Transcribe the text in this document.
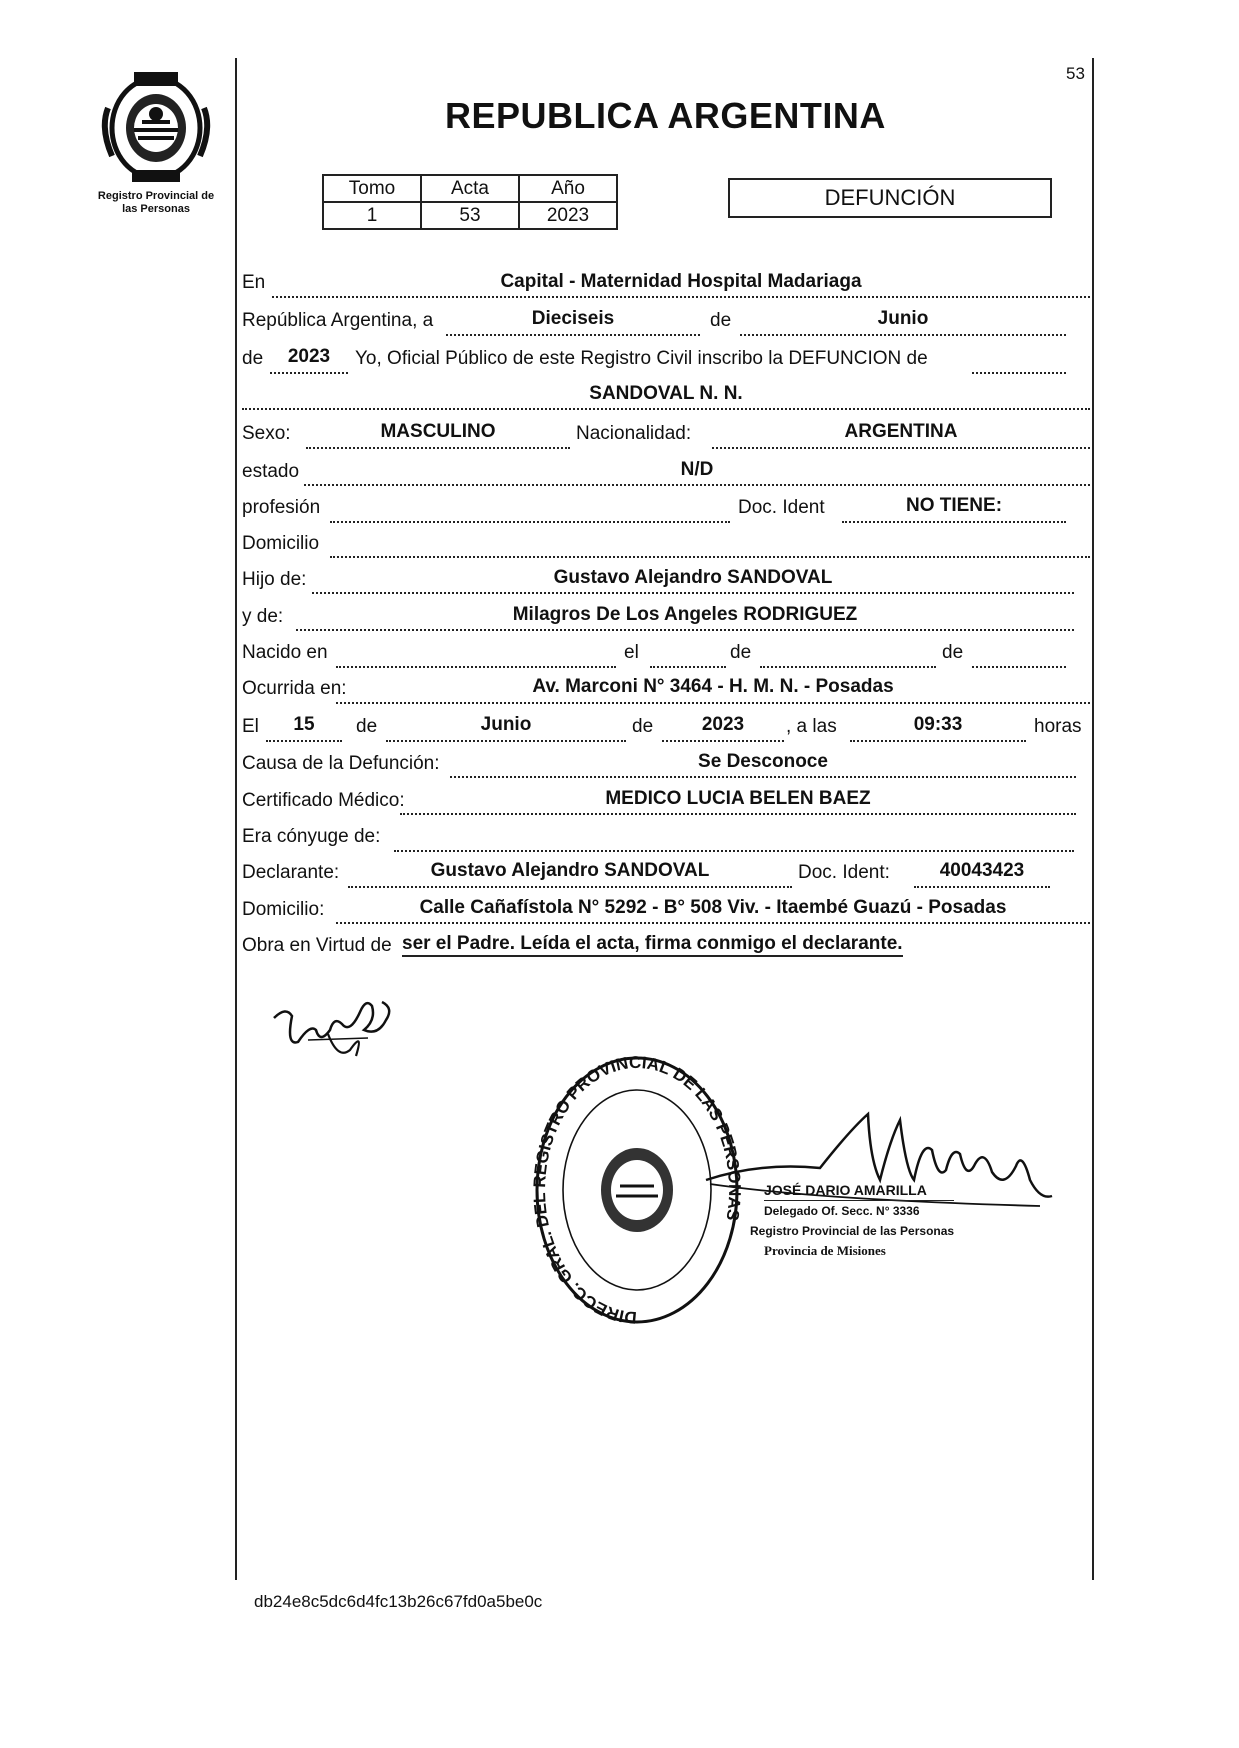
53
Registro Provincial de
las Personas
REPUBLICA ARGENTINA
Tomo	Acta	Año
1	53	2023
DEFUNCIÓN
En	Capital - Maternidad Hospital Madariaga
República Argentina, a	Dieciseis	de	Junio
de	2023	Yo, Oficial Público de este Registro Civil inscribo la DEFUNCION de
SANDOVAL N. N.
Sexo:	MASCULINO	Nacionalidad:	ARGENTINA
estado	N/D
profesión	Doc. Ident	NO TIENE:
Domicilio
Hijo de:	Gustavo Alejandro SANDOVAL
y de:	Milagros De Los Angeles RODRIGUEZ
Nacido en	el	de	de
Ocurrida en:	Av. Marconi N° 3464 - H. M. N. - Posadas
El	15	de	Junio	de	2023	, a las	09:33	horas
Causa de la Defunción:	Se Desconoce
Certificado Médico:	MEDICO LUCIA BELEN BAEZ
Era cónyuge de:
Declarante:	Gustavo Alejandro SANDOVAL	Doc. Ident:	40043423
Domicilio:	Calle Cañafístola N° 5292 - B° 508 Viv. - Itaembé Guazú - Posadas
Obra en Virtud de ser el Padre. Leída el acta, firma conmigo el declarante.
DIRECC. GRAL. DE EGISTRO PROVINCIAL DE LAS PERS S
JOSÉ DARIO AMARILLA
Delegado Of. Secc. N° 3336
Registro Provincial de las Personas
Provincia de Misiones
db24e8c5dc6d4fc13b26c67fd0a5be0c
